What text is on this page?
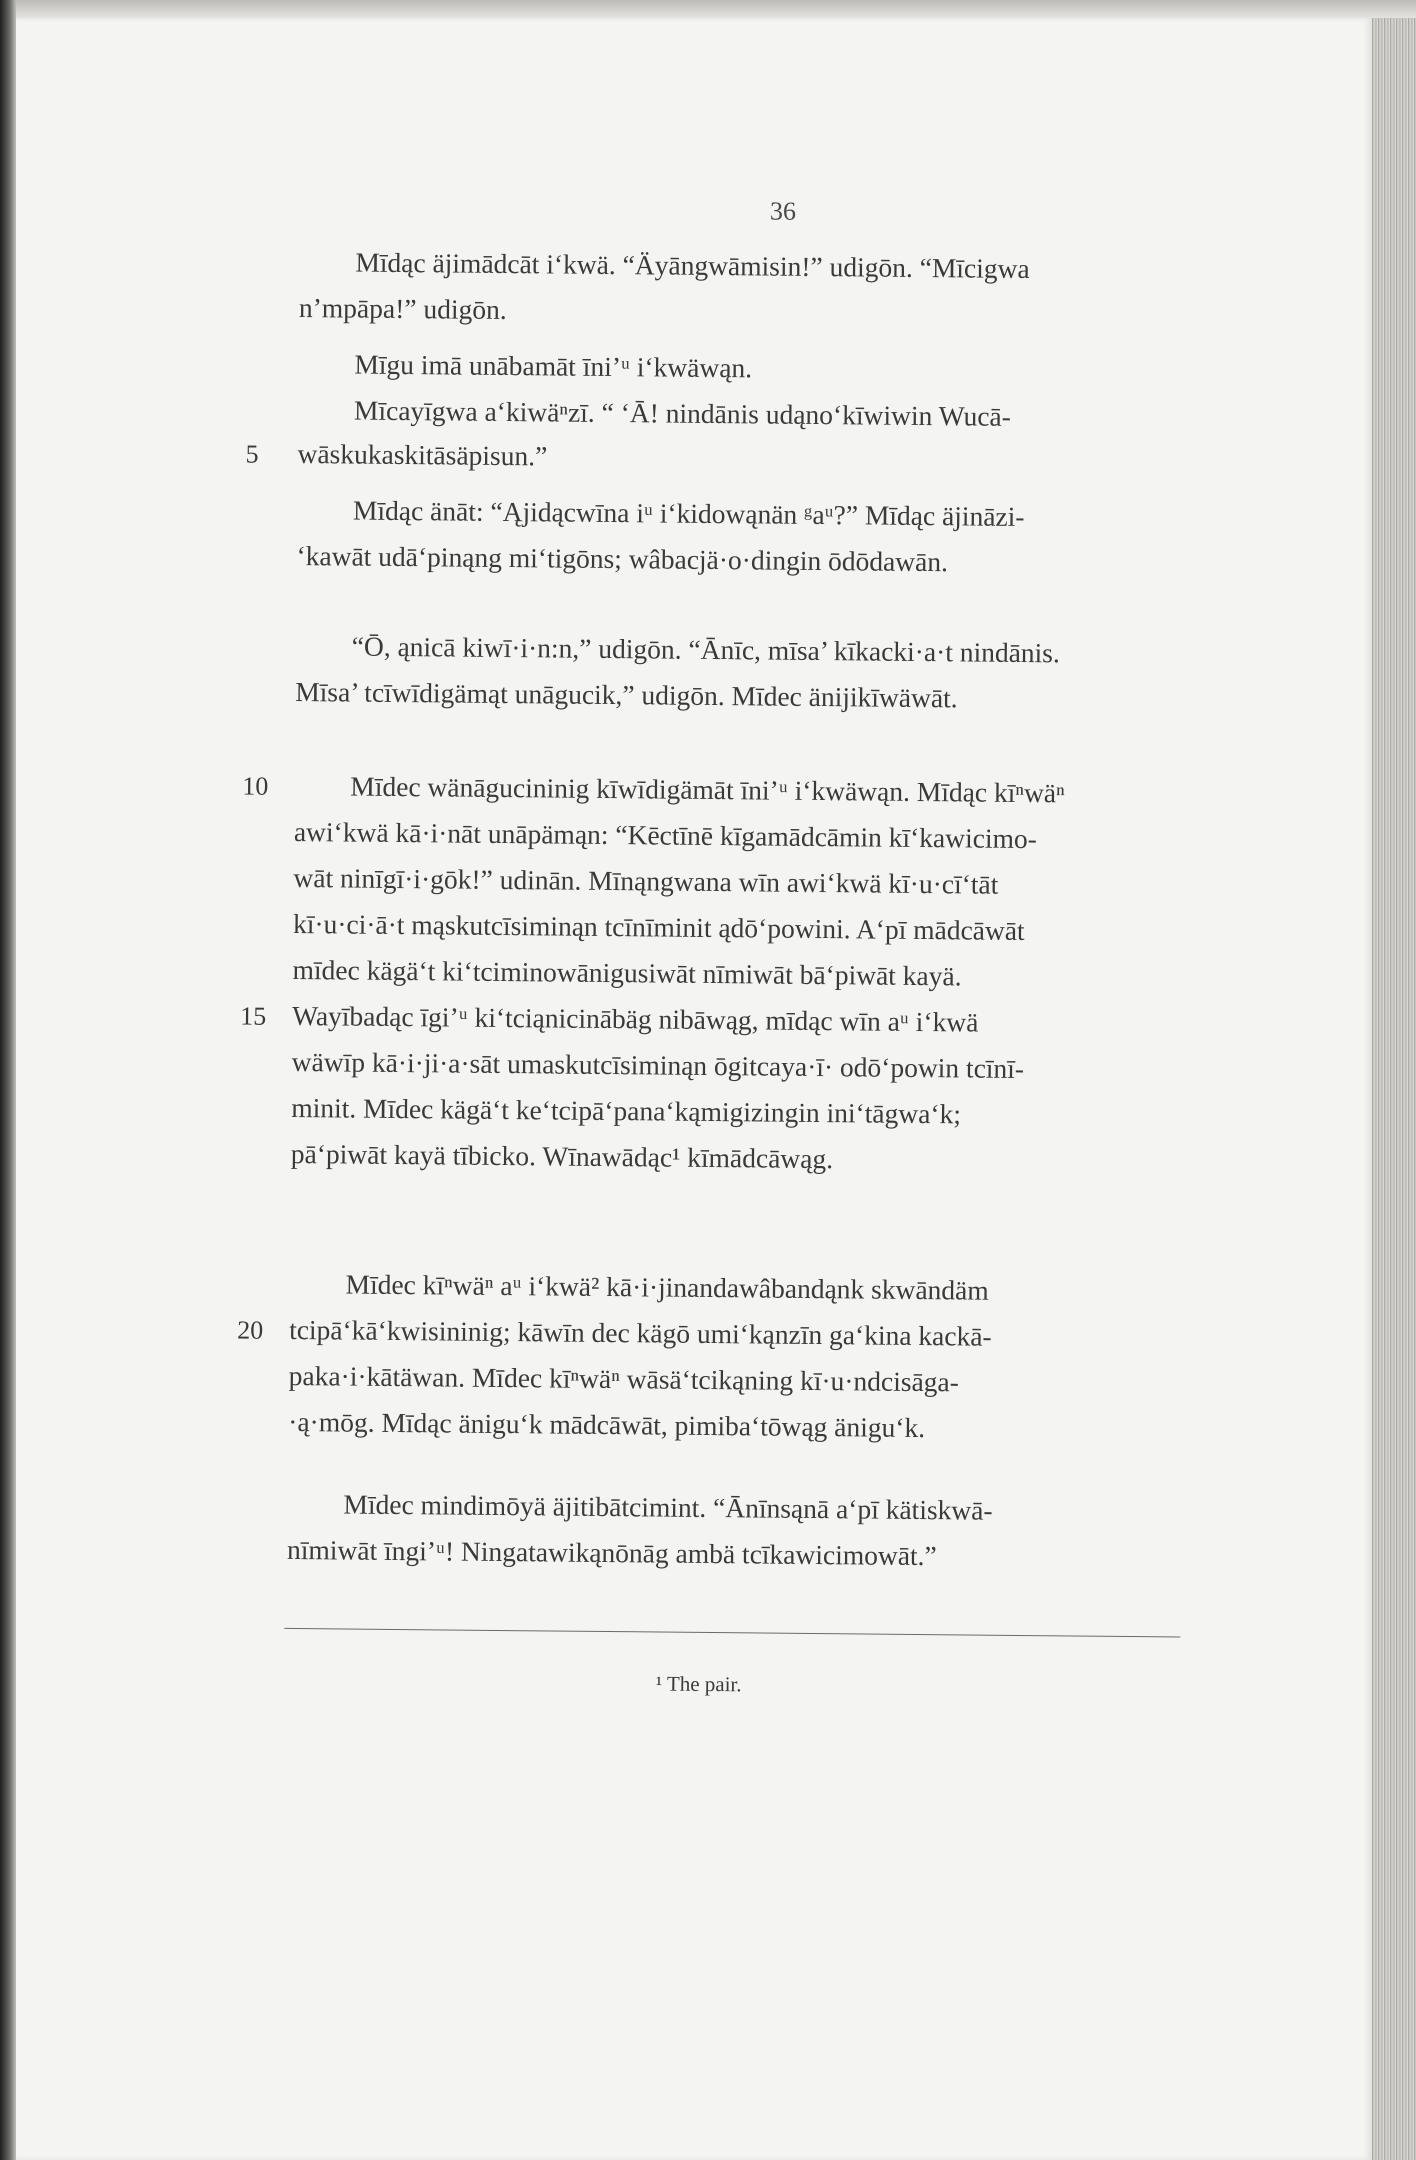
36
Mīdąc äjimādcāt i‘kwä. “Äyāngwāmisin!” udigōn. “Mīcigwa
n’mpāpa!” udigōn.
Mīgu imā unābamāt īni’ᵘ i‘kwäwąn.
Mīcayīgwa a‘kiwäⁿzī. “ ‘Ā! nindānis udąno‘kīwiwin Wucā-
wāskukaskitāsäpisun.”
5
Mīdąc änāt: “Ąjidącwīna iᵘ i‘kidowąnän ᵍaᵘ?” Mīdąc äjināzi-
‘kawāt udā‘pinąng mi‘tigōns; wâbacjä·o·dingin ōdōdawān.
“Ō, ąnicā kiwī·i·n:n,” udigōn. “Ānīc, mīsa’ kīkacki·a·t nindānis.
Mīsa’ tcīwīdigämąt unāgucik,” udigōn. Mīdec änijikīwäwāt.
Mīdec wänāgucininig kīwīdigämāt īni’ᵘ i‘kwäwąn. Mīdąc kīⁿwäⁿ
10
awi‘kwä kā·i·nāt unāpämąn: “Kēctīnē kīgamādcāmin kī‘kawicimo-
wāt ninīgī·i·gōk!” udinān. Mīnąngwana wīn awi‘kwä kī·u·cī‘tāt
kī·u·ci·ā·t mąskutcīsiminąn tcīnīminit ądō‘powini. A‘pī mādcāwāt
mīdec kägä‘t ki‘tciminowānigusiwāt nīmiwāt bā‘piwāt kayä.
Wayībadąc īgi’ᵘ ki‘tciąnicinābäg nibāwąg, mīdąc wīn aᵘ i‘kwä
15
wäwīp kā·i·ji·a·sāt umaskutcīsiminąn ōgitcaya·ī· odō‘powin tcīnī-
minit. Mīdec kägä‘t ke‘tcipā‘pana‘kąmigizingin ini‘tāgwa‘k;
pā‘piwāt kayä tībicko. Wīnawādąc¹ kīmādcāwąg.
Mīdec kīⁿwäⁿ aᵘ i‘kwä² kā·i·jinandawâbandąnk skwāndäm
tcipā‘kā‘kwisininig; kāwīn dec kägō umi‘kąnzīn ga‘kina kackā-
20
paka·i·kātäwan. Mīdec kīⁿwäⁿ wāsä‘tcikąning kī·u·ndcisāga-
·ą·mōg. Mīdąc änigu‘k mādcāwāt, pimiba‘tōwąg änigu‘k.
Mīdec mindimōyä äjitibātcimint. “Ānīnsąnā a‘pī kätiskwā-
nīmiwāt īngi’ᵘ! Ningatawikąnōnāg ambä tcīkawicimowāt.”
¹ The pair.
